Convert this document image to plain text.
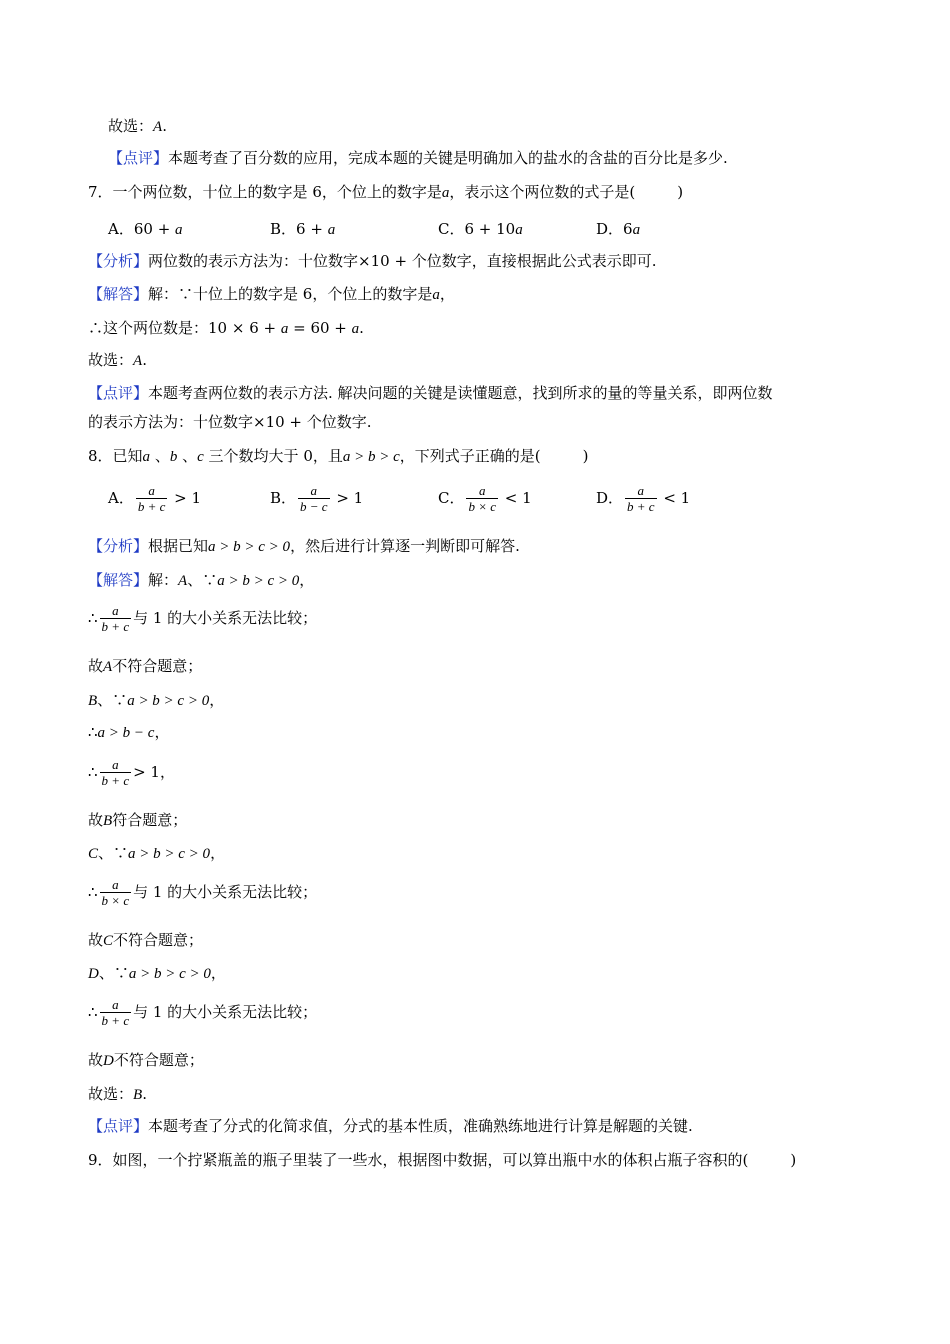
故选：A.
【点评】本题考查了百分数的应用，完成本题的关键是明确加入的盐水的含盐的百分比是多少.
7．一个两位数，十位上的数字是 6，个位上的数字是a，表示这个两位数的式子是(	)
A．60 + a	B．6 + a	C．6 + 10a	D．6a
【分析】两位数的表示方法为：十位数字×10 + 个位数字，直接根据此公式表示即可.
【解答】解：∵十位上的数字是 6，个位上的数字是a，
∴这个两位数是：10 × 6 + a = 60 + a.
故选：A.
【点评】本题考查两位数的表示方法. 解决问题的关键是读懂题意，找到所求的量的等量关系，即两位数
的表示方法为：十位数字×10 + 个位数字.
8．已知a 、b 、c 三个数均大于 0，且a > b > c，下列式子正确的是(	)
A． $\frac{a}{b + c} > 1$	B． $\frac{a}{b - c} > 1$	C． $\frac{a}{b \times c} < 1$	D． $\frac{a}{b + c} < 1$
【分析】根据已知a > b > c > 0，然后进行计算逐一判断即可解答.
【解答】解：A、∵a > b > c > 0，
∴ $\frac{a}{b + c}$ 与 1 的大小关系无法比较；
故A不符合题意；
B、∵a > b > c > 0，
∴a > b − c，
∴ $\frac{a}{b + c} > 1$，
故B符合题意；
C、∵a > b > c > 0，
∴ $\frac{a}{b \times c}$ 与 1 的大小关系无法比较；
故C不符合题意；
D、∵a > b > c > 0，
∴ $\frac{a}{b + c}$ 与 1 的大小关系无法比较；
故D不符合题意；
故选：B.
【点评】本题考查了分式的化简求值，分式的基本性质，准确熟练地进行计算是解题的关键.
9．如图，一个拧紧瓶盖的瓶子里装了一些水，根据图中数据，可以算出瓶中水的体积占瓶子容积的(	)
